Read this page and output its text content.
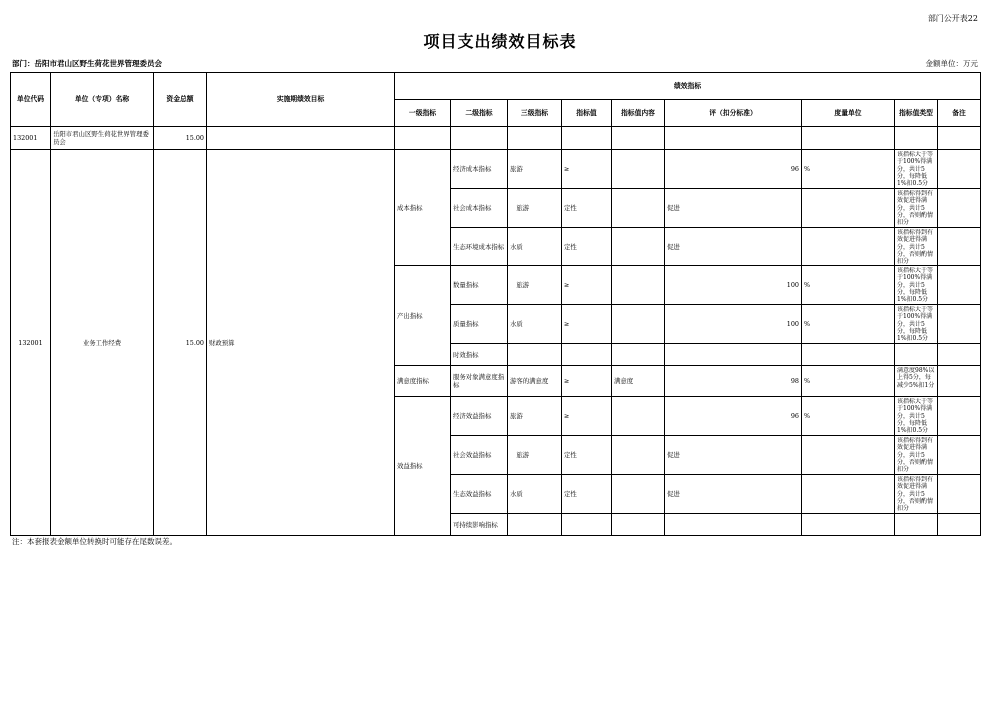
部门公开表22
项目支出绩效目标表
部门：岳阳市君山区野生荷花世界管理委员会	金额单位：万元
单位代码	单位（专项）名称	资金总额	实施期绩效目标	绩效指标								
				一级指标	二级指标	三级指标	指标值	指标值内容	评（扣分标准）	度量单位	指标值类型	备注
132001	岳阳市君山区野生荷花世界管理委员会	15.00										
132001	业务工作经费	15.00	财政预算	成本指标	经济成本指标	旅游	≥		96	%	该指标大于等于100%得满分，共计5分，每降低1%扣0.5分	

					社会成本指标	　旅游	定性		促进		该指标得到有效促进得满分，共计5分，否则酌情扣分	

					生态环境成本指标	水质	定性		促进		该指标得到有效促进得满分，共计5分，否则酌情扣分	

				产出指标	数量指标	　旅游	≥		100	%	该指标大于等于100%得满分，共计5分，每降低1%扣0.5分	

					质量指标	水质	≥		100	%	该指标大于等于100%得满分，共计5分，每降低1%扣0.5分	

					时效指标						

				满意度指标	服务对象满意度指标	游客的满意度	≥	满意度	98	%	满意度98%以上得5分，每减少5%扣1分	

				效益指标	经济效益指标	旅游	≥		96	%	该指标大于等于100%得满分，共计5分，每降低1%扣0.5分	

					社会效益指标	　旅游	定性		促进		该指标得到有效促进得满分，共计5分，否则酌情扣分	

					生态效益指标	水质	定性		促进		该指标得到有效促进得满分，共计5分，否则酌情扣分	

					可持续影响指标						

注：本套报表金额单位转换时可能存在尾数误差。
